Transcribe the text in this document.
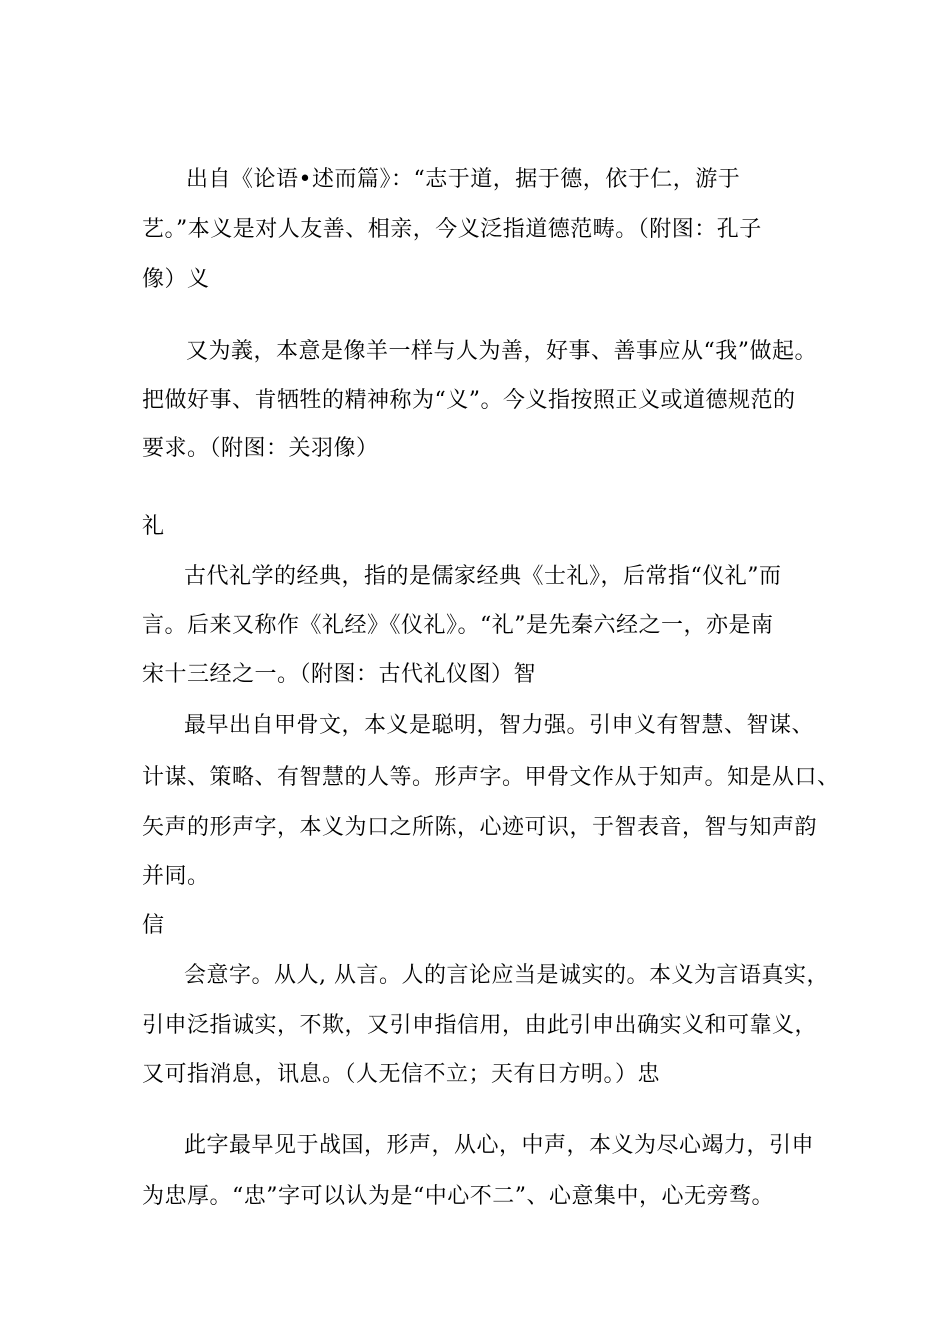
出自《论语•述而篇》：“志于道，据于德，依于仁，游于
艺。”本义是对人友善、相亲，今义泛指道德范畴。（附图：孔子
像）义
又为義，本意是像羊一样与人为善，好事、善事应从“我”做起。
把做好事、肯牺牲的精神称为“义”。今义指按照正义或道德规范的
要求。（附图：关羽像）
礼
古代礼学的经典，指的是儒家经典《士礼》，后常指“仪礼”而
言。后来又称作《礼经》《仪礼》。“礼”是先秦六经之一，亦是南
宋十三经之一。（附图：古代礼仪图）智
最早出自甲骨文，本义是聪明，智力强。引申义有智慧、智谋、
计谋、策略、有智慧的人等。形声字。甲骨文作从于知声。知是从口、
矢声的形声字，本义为口之所陈，心迹可识，于智表音，智与知声韵
并同。
信
会意字。从人, 从言。人的言论应当是诚实的。本义为言语真实，
引申泛指诚实，不欺，又引申指信用，由此引申出确实义和可靠义，
又可指消息，讯息。（人无信不立；天有日方明。）忠
此字最早见于战国，形声，从心，中声，本义为尽心竭力，引申
为忠厚。“忠”字可以认为是“中心不二”、心意集中，心无旁骛。
